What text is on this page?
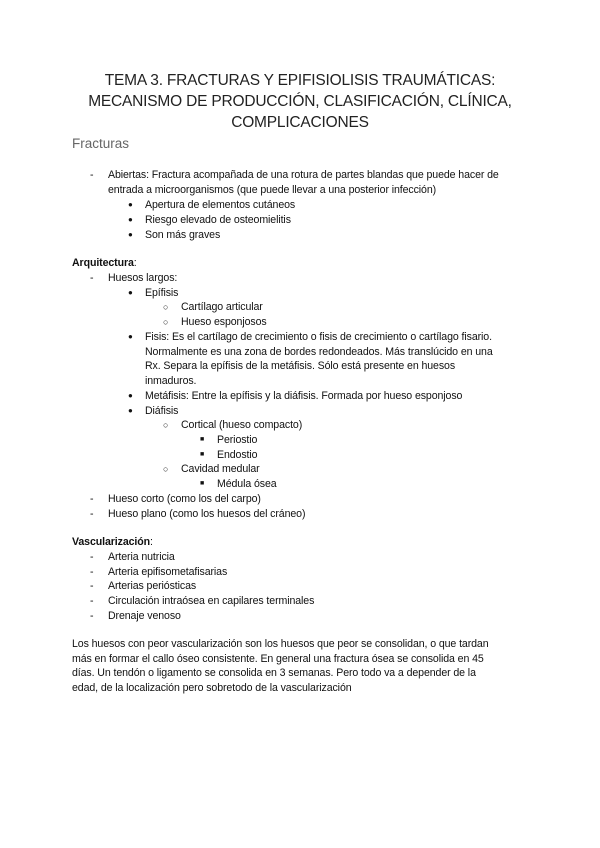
TEMA 3. FRACTURAS Y EPIFISIOLISIS TRAUMÁTICAS:
MECANISMO DE PRODUCCIÓN, CLASIFICACIÓN, CLÍNICA,
COMPLICACIONES
Fracturas
- Abiertas: Fractura acompañada de una rotura de partes blandas que puede hacer de
entrada a microorganismos (que puede llevar a una posterior infección)
● Apertura de elementos cutáneos
● Riesgo elevado de osteomielitis
● Son más graves
Arquitectura:
- Huesos largos:
● Epífisis
○ Cartílago articular
○ Hueso esponjosos
● Fisis: Es el cartílago de crecimiento o fisis de crecimiento o cartílago fisario.
Normalmente es una zona de bordes redondeados. Más translúcido en una
Rx. Separa la epífisis de la metáfisis. Sólo está presente en huesos
inmaduros.
● Metáfisis: Entre la epífisis y la diáfisis. Formada por hueso esponjoso
● Diáfisis
○ Cortical (hueso compacto)
■ Periostio
■ Endostio
○ Cavidad medular
■ Médula ósea
- Hueso corto (como los del carpo)
- Hueso plano (como los huesos del cráneo)
Vascularización:
- Arteria nutricia
- Arteria epifisometafisarias
- Arterias periósticas
- Circulación intraósea en capilares terminales
- Drenaje venoso
Los huesos con peor vascularización son los huesos que peor se consolidan, o que tardan
más en formar el callo óseo consistente. En general una fractura ósea se consolida en 45
días. Un tendón o ligamento se consolida en 3 semanas. Pero todo va a depender de la
edad, de la localización pero sobretodo de la vascularización
